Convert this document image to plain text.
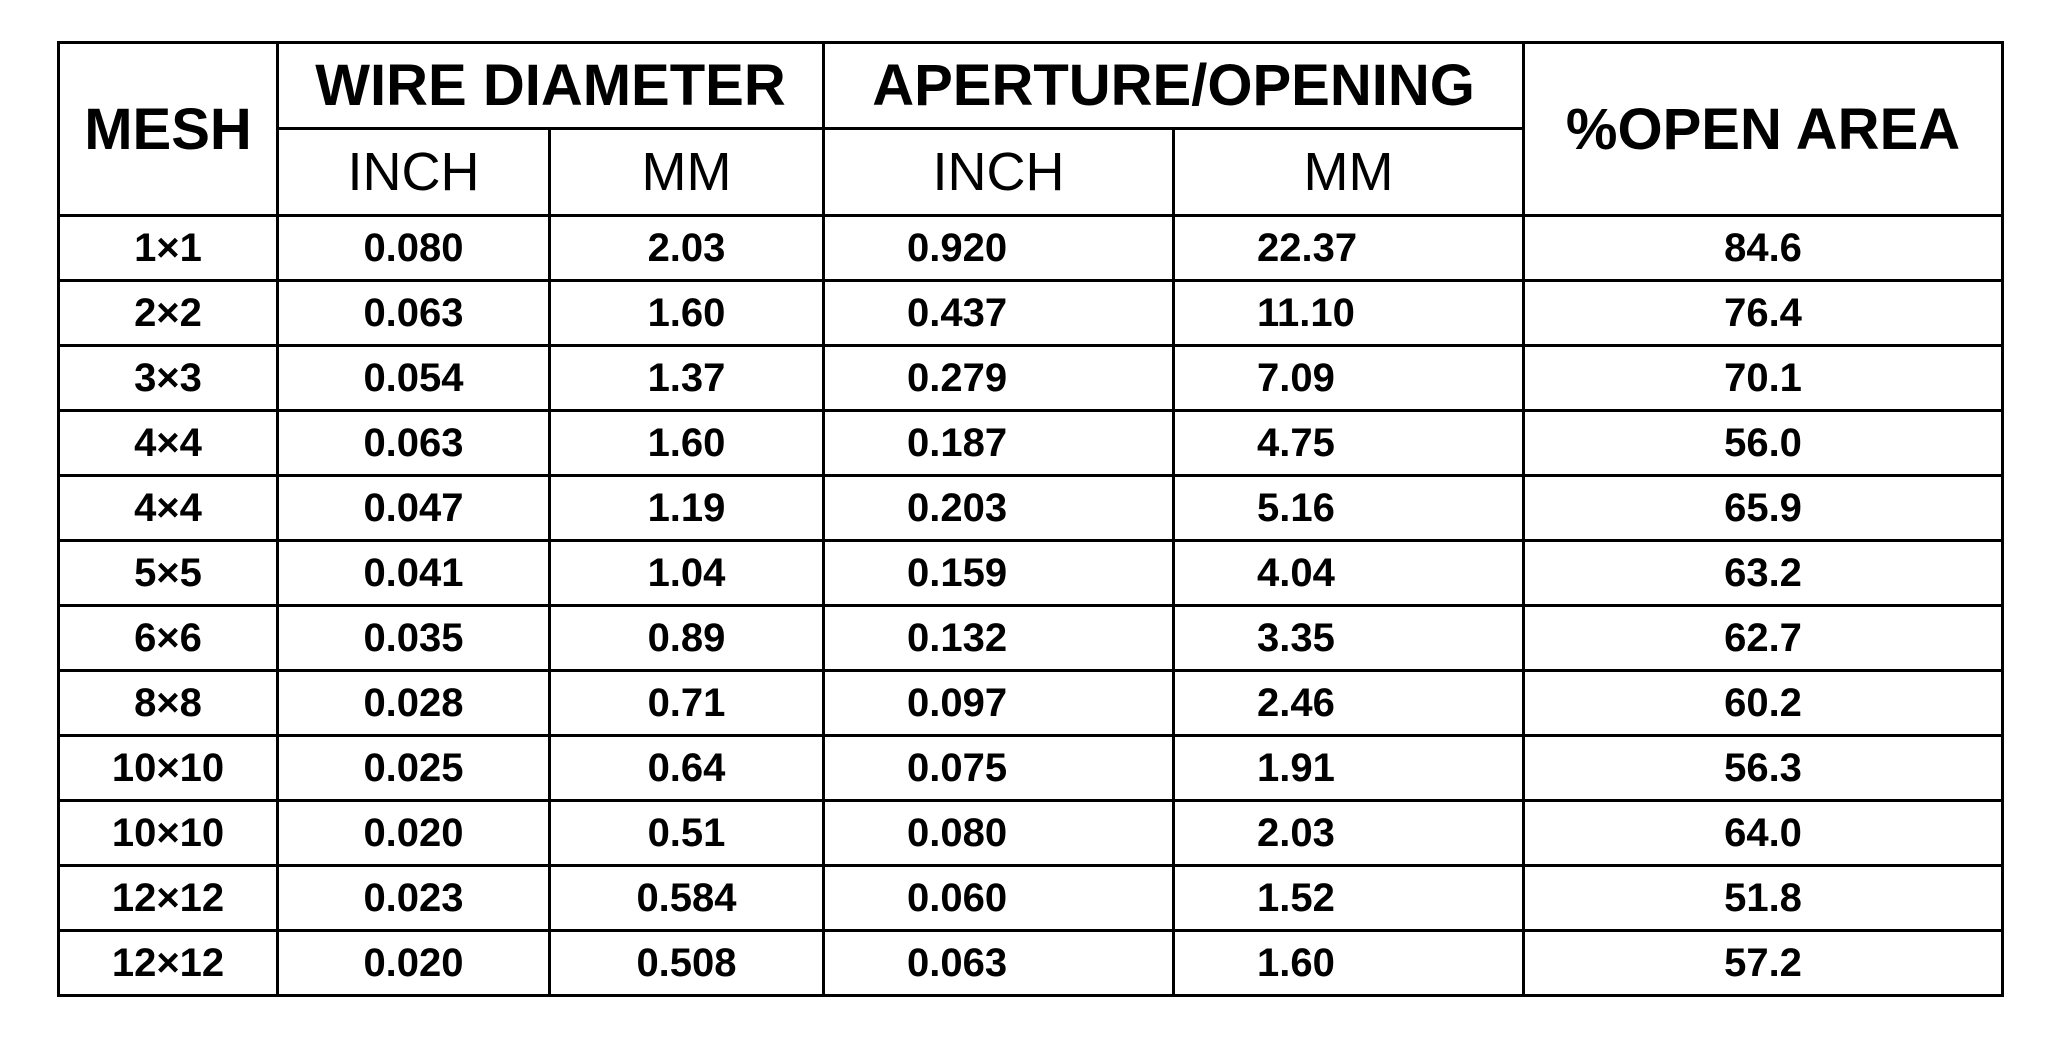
MESH	WIRE DIAMETER		APERTURE/OPENING		%OPEN AREA
	INCH	MM	INCH	MM	
1×1	0.080	2.03	0.920	22.37	84.6
2×2	0.063	1.60	0.437	11.10	76.4
3×3	0.054	1.37	0.279	7.09	70.1
4×4	0.063	1.60	0.187	4.75	56.0
4×4	0.047	1.19	0.203	5.16	65.9
5×5	0.041	1.04	0.159	4.04	63.2
6×6	0.035	0.89	0.132	3.35	62.7
8×8	0.028	0.71	0.097	2.46	60.2
10×10	0.025	0.64	0.075	1.91	56.3
10×10	0.020	0.51	0.080	2.03	64.0
12×12	0.023	0.584	0.060	1.52	51.8
12×12	0.020	0.508	0.063	1.60	57.2
